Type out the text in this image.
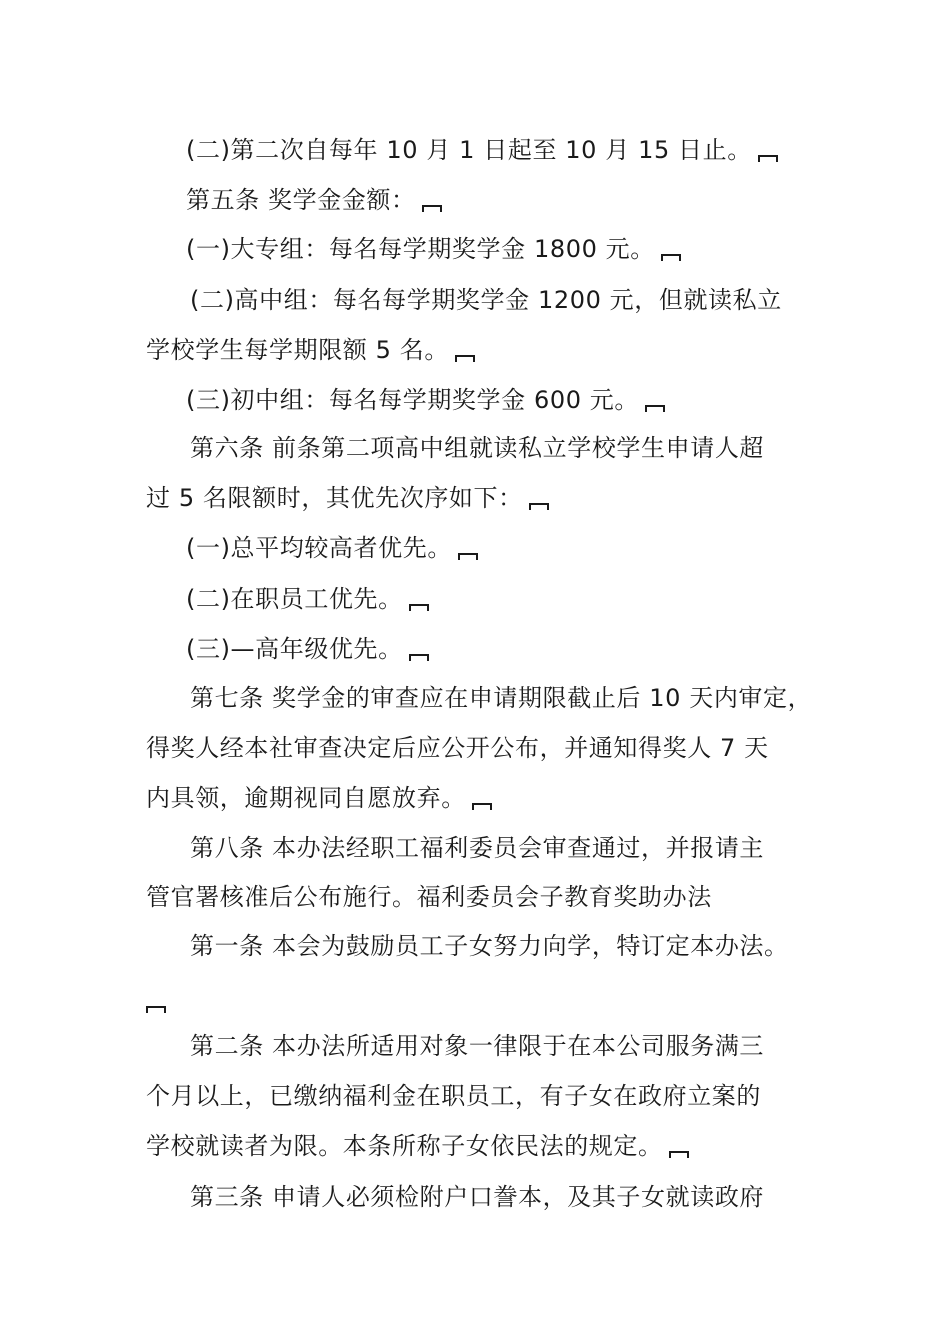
(二)第二次自每年 10 月 1 日起至 10 月 15 日止。
第五条 奖学金金额：
(一)大专组：每名每学期奖学金 1800 元。
(二)高中组：每名每学期奖学金 1200 元，但就读私立
学校学生每学期限额 5 名。
(三)初中组：每名每学期奖学金 600 元。
第六条 前条第二项高中组就读私立学校学生申请人超
过 5 名限额时，其优先次序如下：
(一)总平均较高者优先。
(二)在职员工优先。
(三)—高年级优先。
第七条 奖学金的审查应在申请期限截止后 10 天内审定，
得奖人经本社审查决定后应公开公布，并通知得奖人 7 天
内具领，逾期视同自愿放弃。
第八条 本办法经职工福利委员会审查通过，并报请主
管官署核准后公布施行。福利委员会子教育奖助办法
第一条 本会为鼓励员工子女努力向学，特订定本办法。
第二条 本办法所适用对象一律限于在本公司服务满三
个月以上，已缴纳福利金在职员工，有子女在政府立案的
学校就读者为限。本条所称子女依民法的规定。
第三条 申请人必须检附户口誊本，及其子女就读政府
